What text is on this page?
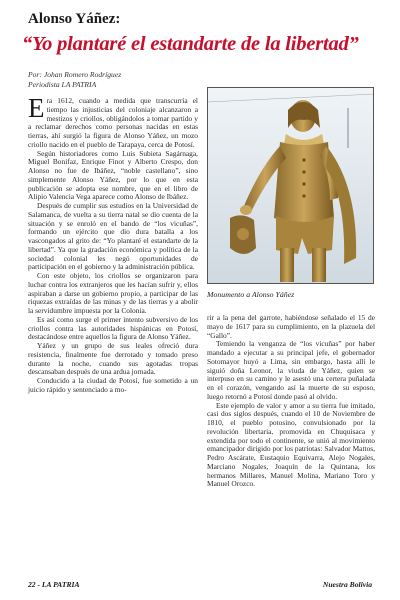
Alonso Yáñez:
“Yo plantaré el estandarte de la libertad”
Por: Johan Romero Rodríguez
Periodista LA PATRIA

Era 1612, cuando a medida que transcurría el tiempo las injusticias del coloniaje alcanzaron a mestizos y criollos, obligándolos a tomar partido y a reclamar derechos como personas nacidas en estas tierras, ahí surgió la figura de Alonso Yáñez, un mozo criollo nacido en el pueblo de Tarapaya, cerca de Potosí.

Según historiadores como Luis Subieta Sagárnaga, Miguel Bonifaz, Enrique Finot y Alberto Crespo, don Alonso no fue de Ibáñez, “noble castellano”, sino simplemente Alonso Yáñez, por lo que en esta publicación se adopta ese nombre, que en el libro de Alipio Valencia Vega aparece como Alonso de Ibáñez.

Después de cumplir sus estudios en la Universidad de Salamanca, de vuelta a su tierra natal se dio cuenta de la situación y se enroló en el bando de “los vicuñas”, formando un ejército que dio dura batalla a los vascongados al grito de: “Yo plantaré el estandarte de la libertad”. Ya que la gradación económica y política de la sociedad colonial les negó oportunidades de participación en el gobierno y la administración pública.

Con este objeto, los criollos se organizaron para luchar contra los extranjeros que les hacían sufrir y, ellos aspiraban a darse un gobierno propio, a participar de las riquezas extraídas de las minas y de las tierras y a abolir la servidumbre impuesta por la Colonia.

Es así como surge el primer intento subversivo de los criollos contra las autoridades hispánicas en Potosí, destacándose entre aquellos la figura de Alonso Yáñez.

Yáñez y un grupo de sus leales ofreció dura resistencia, finalmente fue derrotado y tomado preso durante la noche, cuando sus agotadas tropas descansaban después de una ardua jornada.

Conducido a la ciudad de Potosí, fue sometido a un juicio rápido y sentenciado a mo-

Monumento a Alonso Yáñez

rir a la pena del garrote, habiéndose señalado el 15 de mayo de 1617 para su cumplimiento, en la plazuela del “Gallo”.

Temiendo la venganza de “los vicuñas” por haber mandado a ejecutar a su principal jefe, el gobernador Sotomayor huyó a Lima, sin embargo, hasta allí le siguió doña Leonor, la viuda de Yáñez, quien se interpuso en su camino y le asestó una certera puñalada en el corazón, vengando así la muerte de su esposo, luego retornó a Potosí donde pasó al olvido.

Este ejemplo de valor y amor a su tierra fue imitado, casi dos siglos después, cuando el 10 de Noviembre de 1810, el pueblo potosino, convulsionado por la revolución libertaria, promovida en Chuquisaca y extendida por todo el continente, se unió al movimiento emancipador dirigido por los patriotas: Salvador Mattos, Pedro Ascárate, Eustaquio Equivarra, Alejo Nogales, Marciano Nogales, Joaquín de la Quintana, los hermanos Millares, Manuel Molina, Mariano Toro y Manuel Orozco.

22 - LA PATRIA	Nuestra Bolivia
